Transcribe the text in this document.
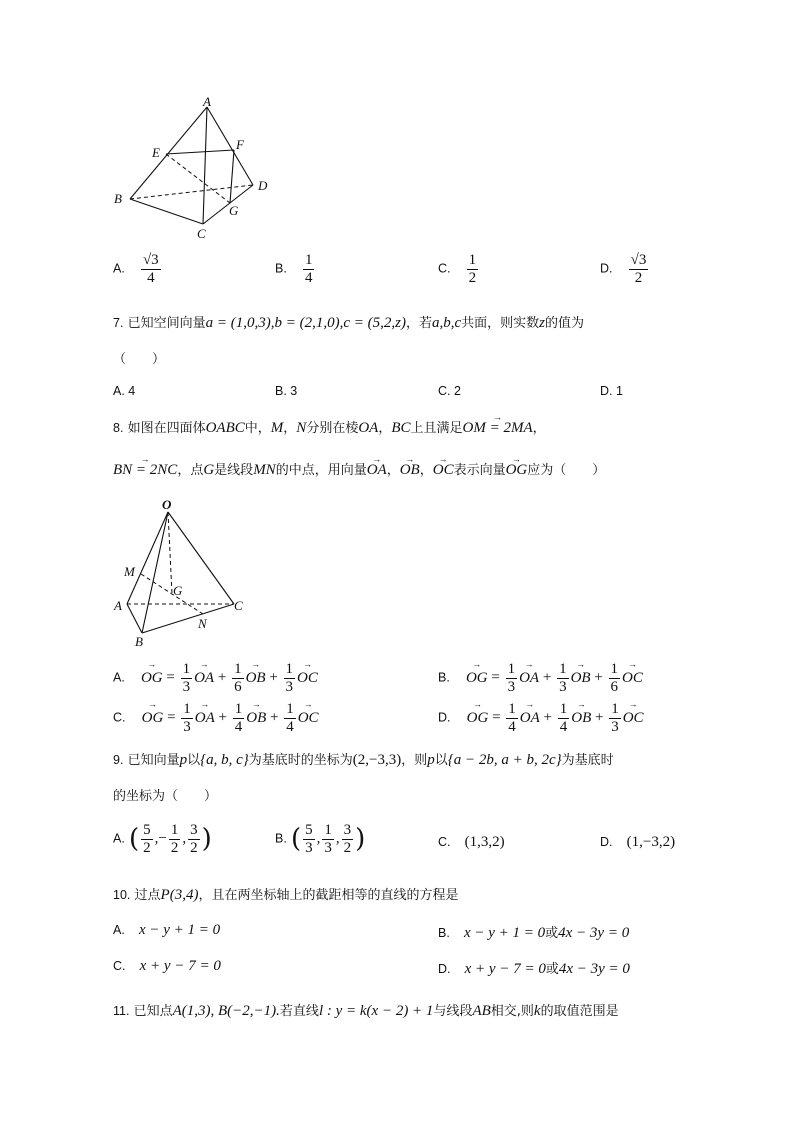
A
E
F
D
B
G
C
A. $\frac{√3}{4}$	B. $\frac{1}{4}$	C. $\frac{1}{2}$	D. $\frac{√3}{2}$
7. 已知空间向量a = (1,0,3),b = (2,1,0),c = (5,2,z)，若a,b,c共面，则实数z的值为
（　　）
A. 4	B. 3	C. 2	D. 1
8. 如图在四面体OABC中，M，N分别在棱OA，BC上且满足→ OM = 2MA，
→ BN = 2NC，点G是线段MN的中点，用向量→ OA，→ OB，→ OC表示向量→ OG应为（　　）
O
M
G
A	C
N
B
A. → OG = $\frac{1}{3}$ → OA + $\frac{1}{6}$ → OB + $\frac{1}{3}$ → OC	B. → OG = $\frac{1}{3}$ → OA + $\frac{1}{3}$ → OB + $\frac{1}{6}$ → OC
C. → OG = $\frac{1}{3}$ → OA + $\frac{1}{4}$ → OB + $\frac{1}{4}$ → OC	D. → OG = $\frac{1}{4}$ → OA + $\frac{1}{4}$ → OB + $\frac{1}{3}$ → OC
9. 已知向量p以{a, b, c}为基底时的坐标为(2,−3,3)，则p以{a − 2b, a + b, 2c}为基底时
的坐标为（　　）
A. ( $\frac{5}{2}$ ,− $\frac{1}{2}$ , $\frac{3}{2}$ )	B. ( $\frac{5}{3}$ , $\frac{1}{3}$ , $\frac{3}{2}$ )	C. (1,3,2)	D. (1,−3,2)
10. 过点P(3,4)，且在两坐标轴上的截距相等的直线的方程是
A. x − y + 1 = 0	B. x − y + 1 = 0或4x − 3y = 0
C. x + y − 7 = 0	D. x + y − 7 = 0或4x − 3y = 0
11. 已知点A(1,3), B(−2,−1).若直线l : y = k(x − 2) + 1与线段AB相交,则k的取值范围是
